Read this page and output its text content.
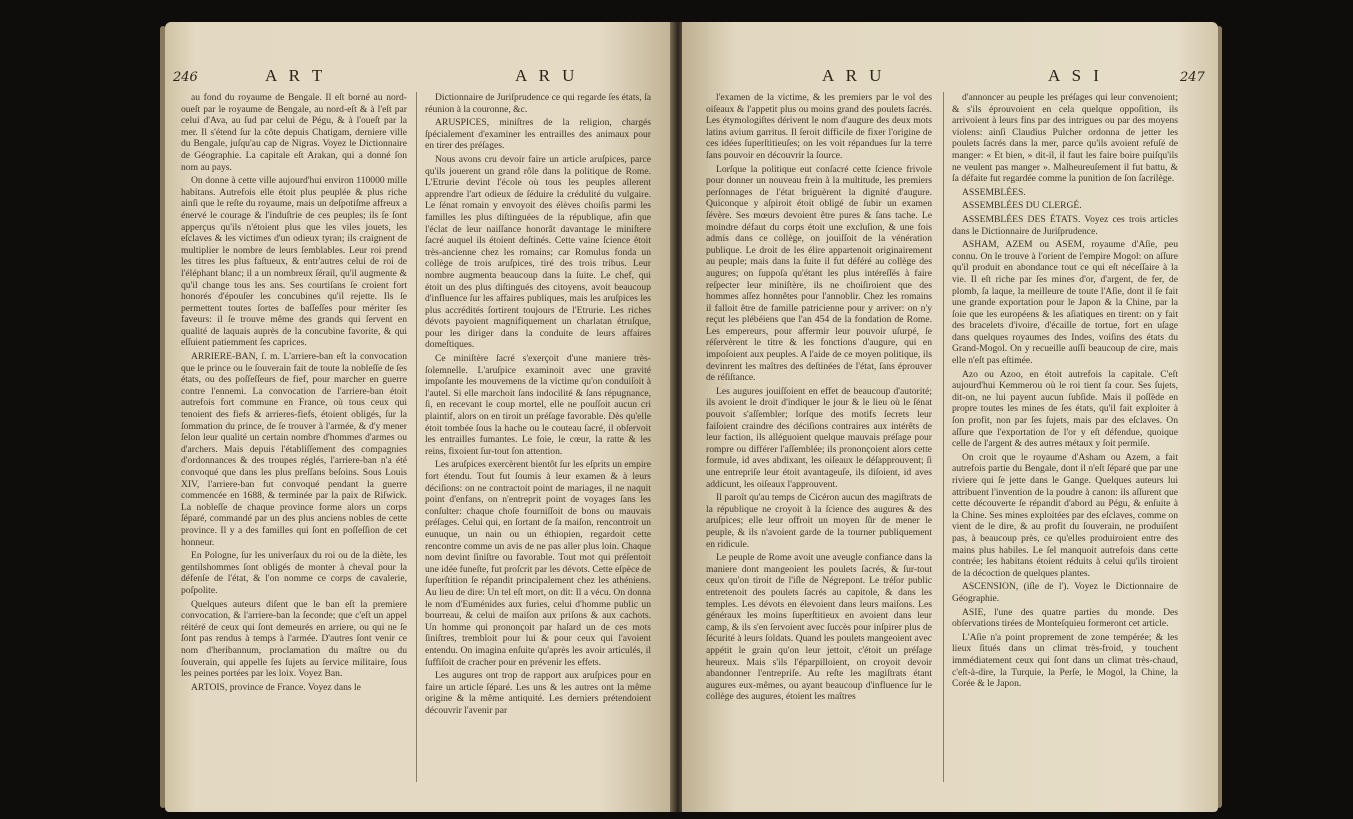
246	A R T	A R U

au fond du royaume de Bengale. Il eſt borné au nord-oueſt par le royaume de Bengale, au nord-eſt & à l'eſt par celui d'Ava, au ſud par celui de Pégu, & à l'oueſt par la mer. Il s'étend ſur la côte depuis Chatigam, derniere ville du Bengale, juſqu'au cap de Nigras. Voyez le Dictionnaire de Géographie. La capitale eſt Arakan, qui a donné ſon nom au pays.

On donne à cette ville aujourd'hui environ 110000 mille habitans. Autrefois elle étoit plus peuplée & plus riche ainſi que le reſte du royaume, mais un deſpotiſme affreux a énervé le courage & l'induſtrie de ces peuples; ils ſe ſont apperçus qu'ils n'étoient plus que les viles jouets, les eſclaves & les victimes d'un odieux tyran; ils craignent de multiplier le nombre de leurs ſemblables. Leur roi prend les titres les plus faſtueux, & entr'autres celui de roi de l'éléphant blanc; il a un nombreux ſérail, qu'il augmente & qu'il change tous les ans. Ses courtiſans ſe croient fort honorés d'épouſer les concubines qu'il rejette. Ils ſe permettent toutes ſortes de baſſeſſes pour mériter ſes faveurs: il ſe trouve même des grands qui ſervent en qualité de laquais auprès de la concubine favorite, & qui eſſuient patiemment ſes caprices.

ARRIERE-BAN, ſ. m. L'arriere-ban eſt la convocation que le prince ou le ſouverain fait de toute la nobleſſe de ſes états, ou des poſſeſſeurs de fief, pour marcher en guerre contre l'ennemi. La convocation de l'arriere-ban étoit autrefois fort commune en France, où tous ceux qui tenoient des fiefs & arrieres-fiefs, étoient obligés, ſur la ſommation du prince, de ſe trouver à l'armée, & d'y mener ſelon leur qualité un certain nombre d'hommes d'armes ou d'archers. Mais depuis l'établiſſement des compagnies d'ordonnances & des troupes réglés, l'arriere-ban n'a été convoqué que dans les plus preſſans beſoins. Sous Louis XIV, l'arriere-ban fut convoqué pendant la guerre commencée en 1688, & terminée par la paix de Riſwick. La nobleſſe de chaque province forme alors un corps ſéparé, commandé par un des plus anciens nobles de cette province. Il y a des familles qui ſont en poſſeſſion de cet honneur.

En Pologne, ſur les univerſaux du roi ou de la diète, les gentilshommes ſont obligés de monter à cheval pour la défenſe de l'état, & l'on nomme ce corps de cavalerie, poſpolite.

Quelques auteurs diſent que le ban eſt la premiere convocation, & l'arriere-ban la ſeconde; que c'eſt un appel réitéré de ceux qui ſont demeurés en arriere, ou qui ne ſe ſont pas rendus à temps à l'armée. D'autres ſont venir ce nom d'heribannum, proclamation du maître ou du ſouverain, qui appelle ſes ſujets au ſervice militaire, ſous les peines portées par les loix. Voyez Ban.

ARTOIS, province de France. Voyez dans le

Dictionnaire de Juriſprudence ce qui regarde ſes états, ſa réunion à la couronne, &c.

ARUSPICES, miniſtres de la religion, chargés ſpécialement d'examiner les entrailles des animaux pour en tirer des préſages.

Nous avons cru devoir faire un article aruſpices, parce qu'ils jouerent un grand rôle dans la politique de Rome. L'Etrurie devint l'école où tous les peuples allerent apprendre l'art odieux de ſéduire la crédulité du vulgaire. Le ſénat romain y envoyoit des élèves choiſis parmi les familles les plus diſtinguées de la république, afin que l'éclat de leur naiſſance honorât davantage le miniſtere ſacré auquel ils étoient deſtinés. Cette vaine ſcience étoit très-ancienne chez les romains; car Romulus fonda un collège de trois aruſpices, tiré des trois tribus. Leur nombre augmenta beaucoup dans la ſuite. Le chef, qui étoit un des plus diſtingués des citoyens, avoit beaucoup d'influence ſur les affaires publiques, mais les aruſpices les plus accrédités ſortirent toujours de l'Etrurie. Les riches dévots payoient magnifiquement un charlatan étruſque, pour les diriger dans la conduite de leurs affaires domeſtiques.

Ce miniſtère ſacré s'exerçoit d'une maniere très-ſolemnelle. L'aruſpice examinoit avec une gravité impoſante les mouvemens de la victime qu'on conduiſoit à l'autel. Si elle marchoit ſans indocilité & ſans répugnance, ſi, en recevant le coup mortel, elle ne pouſſoit aucun cri plaintif, alors on en tiroit un préſage favorable. Dès qu'elle étoit tombée ſous la hache ou le couteau ſacré, il obſervoit les entrailles fumantes. Le foie, le cœur, la ratte & les reins, fixoient ſur-tout ſon attention.

Les aruſpices exercèrent bientôt ſur les eſprits un empire fort étendu. Tout fut ſoumis à leur examen & à leurs déciſions: on ne contractoit point de mariages, il ne naquit point d'enfans, on n'entreprit point de voyages ſans les conſulter: chaque choſe fourniſſoit de bons ou mauvais préſages. Celui qui, en ſortant de ſa maiſon, rencontroit un eunuque, un nain ou un éthiopien, regardoit cette rencontre comme un avis de ne pas aller plus loin. Chaque nom devint ſiniſtre ou favorable. Tout mot qui préſentoit une idée funeſte, fut proſcrit par les dévots. Cette eſpèce de ſuperſtition ſe répandit principalement chez les athéniens. Au lieu de dire: Un tel eſt mort, on dit: Il a vécu. On donna le nom d'Euménides aux furies, celui d'homme public un bourreau, & celui de maiſon aux priſons & aux cachots. Un homme qui prononçoit par haſard un de ces mots ſiniſtres, trembloit pour lui & pour ceux qui l'avoient entendu. On imagina enſuite qu'après les avoir articulés, il ſuffiſoit de cracher pour en prévenir les effets.

Les augures ont trop de rapport aux aruſpices pour en faire un article ſéparé. Les uns & les autres ont la même origine & la même antiquité. Les derniers prétendoient découvrir l'avenir par

A R U	A S I	247

l'examen de la victime, & les premiers par le vol des oiſeaux & l'appetit plus ou moins grand des poulets ſacrés. Les étymologiſtes dérivent le nom d'augure des deux mots latins avium garritus. Il ſeroit difficile de fixer l'origine de ces idées ſuperſtitieuſes; on les voit répandues ſur la terre ſans pouvoir en découvrir la ſource.

Lorſque la politique eut conſacré cette ſcience frivole pour donner un nouveau frein à la multitude, les premiers perſonnages de l'état briguèrent la dignité d'augure. Quiconque y aſpiroit étoit obligé de ſubir un examen ſévère. Ses mœurs devoient être pures & ſans tache. Le moindre défaut du corps étoit une excluſion, & une fois admis dans ce collège, on jouiſſoit de la vénération publique. Le droit de les élire appartenoit originairement au peuple; mais dans la ſuite il fut déféré au collège des augures; on ſuppoſa qu'étant les plus intéreſſés à faire reſpecter leur miniſtère, ils ne choiſiroient que des hommes aſſez honnêtes pour l'annoblir. Chez les romains il falloit être de famille patricienne pour y arriver: on n'y reçut les plébéiens que l'an 454 de la fondation de Rome. Les empereurs, pour affermir leur pouvoir uſurpé, ſe réſervèrent le titre & les fonctions d'augure, qui en impoſoient aux peuples. A l'aide de ce moyen politique, ils devinrent les maîtres des deſtinées de l'état, ſans éprouver de réſiſtance.

Les augures jouiſſoient en effet de beaucoup d'autorité; ils avoient le droit d'indiquer le jour & le lieu où le ſénat pouvoit s'aſſembler; lorſque des motifs ſecrets leur faiſoient craindre des déciſions contraires aux intérêts de leur faction, ils alléguoient quelque mauvais préſage pour rompre ou différer l'aſſemblée; ils prononçoient alors cette formule, id aves abdixant, les oiſeaux le déſapprouvent; ſi une entrepriſe leur étoit avantageuſe, ils diſoient, id aves addicunt, les oiſeaux l'approuvent.

Il paroît qu'au temps de Cicéron aucun des magiſtrats de la république ne croyoit à la ſcience des augures & des aruſpices; elle leur offroit un moyen ſûr de mener le peuple, & ils n'avoient garde de la tourner publiquement en ridicule.

Le peuple de Rome avoit une aveugle confiance dans la maniere dont mangeoient les poulets ſacrés, & ſur-tout ceux qu'on tiroit de l'iſle de Négrepont. Le tréſor public entretenoit des poulets ſacrés au capitole, & dans les temples. Les dévots en élevoient dans leurs maiſons. Les généraux les moins ſuperſtitieux en avoient dans leur camp, & ils s'en ſervoient avec ſuccès pour inſpirer plus de ſécurité à leurs ſoldats. Quand les poulets mangeoient avec appétit le grain qu'on leur jettoit, c'étoit un préſage heureux. Mais s'ils l'éparpilloient, on croyoit devoir abandonner l'entrepriſe. Au reſte les magiſtrats étant augures eux-mêmes, ou ayant beaucoup d'influence ſur le collège des augures, étoient les maîtres

d'annoncer au peuple les préſages qui leur convenoient; & s'ils éprouvoient en cela quelque oppoſition, ils arrivoient à leurs fins par des intrigues ou par des moyens violens: ainſi Claudius Pulcher ordonna de jetter les poulets ſacrés dans la mer, parce qu'ils avoient refuſé de manger: « Et bien, » dit-il, il faut les faire boire puiſqu'ils ne veulent pas manger ». Malheureuſement il fut battu, & ſa défaite fut regardée comme la punition de ſon ſacrilège.

ASSEMBLÉES.

ASSEMBLÉES DU CLERGÉ.

ASSEMBLÉES DES ÉTATS. Voyez ces trois articles dans le Dictionnaire de Juriſprudence.

ASHAM, AZEM ou ASEM, royaume d'Aſie, peu connu. On le trouve à l'orient de l'empire Mogol: on aſſure qu'il produit en abondance tout ce qui eſt néceſſaire à la vie. Il eſt riche par ſes mines d'or, d'argent, de fer, de plomb, ſa laque, la meilleure de toute l'Aſie, dont il ſe fait une grande exportation pour le Japon & la Chine, par la ſoie que les européens & les aſiatiques en tirent: on y fait des bracelets d'ivoire, d'écaille de tortue, fort en uſage dans quelques royaumes des Indes, voiſins des états du Grand-Mogol. On y recueille auſſi beaucoup de cire, mais elle n'eſt pas eſtimée.

Azo ou Azoo, en étoit autrefois la capitale. C'eſt aujourd'hui Kemmerou où le roi tient ſa cour. Ses ſujets, dit-on, ne lui payent aucun ſubſide. Mais il poſſède en propre toutes les mines de ſes états, qu'il fait exploiter à ſon profit, non par ſes ſujets, mais par des eſclaves. On aſſure que l'exportation de l'or y eſt défendue, quoique celle de l'argent & des autres métaux y ſoit permiſe.

On croit que le royaume d'Asham ou Azem, a fait autrefois partie du Bengale, dont il n'eſt ſéparé que par une riviere qui ſe jette dans le Gange. Quelques auteurs lui attribuent l'invention de la poudre à canon: ils aſſurent que cette découverte ſe répandit d'abord au Pégu, & enſuite à la Chine. Ses mines exploitées par des eſclaves, comme on vient de le dire, & au profit du ſouverain, ne produiſent pas, à beaucoup près, ce qu'elles produiroient entre des mains plus habiles. Le ſel manquoit autrefois dans cette contrée; les habitans étoient réduits à celui qu'ils tiroient de la décoction de quelques plantes.

ASCENSION, (iſle de l'). Voyez le Dictionnaire de Géographie.

ASIE, l'une des quatre parties du monde. Des obſervations tirées de Monteſquieu formeront cet article.

L'Aſie n'a point proprement de zone tempérée; & les lieux ſitués dans un climat très-froid, y touchent immédiatement ceux qui ſont dans un climat très-chaud, c'eſt-à-dire, la Turquie, la Perſe, le Mogol, la Chine, la Corée & le Japon.
